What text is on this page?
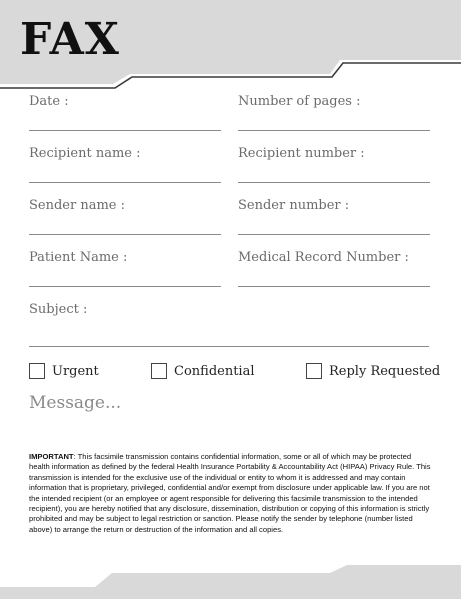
FAX
Date :	Number of pages :
Recipient name :	Recipient number :
Sender name :	Sender number :
Patient Name :	Medical Record Number :
Subject :
Urgent	Confidential	Reply Requested
Message...

IMPORTANT: This facsimile transmission contains confidential information, some or all of which may be protected health information as defined by the federal Health Insurance Portability & Accountability Act (HIPAA) Privacy Rule. This transmission is intended for the exclusive use of the individual or entity to whom it is addressed and may contain information that is proprietary, privileged, confidential and/or exempt from disclosure under applicable law. If you are not the intended recipient (or an employee or agent responsible for delivering this facsimile transmission to the intended recipient), you are hereby notified that any disclosure, dissemination, distribution or copying of this information is strictly prohibited and may be subject to legal restriction or sanction. Please notify the sender by telephone (number listed above) to arrange the return or destruction of the information and all copies.
